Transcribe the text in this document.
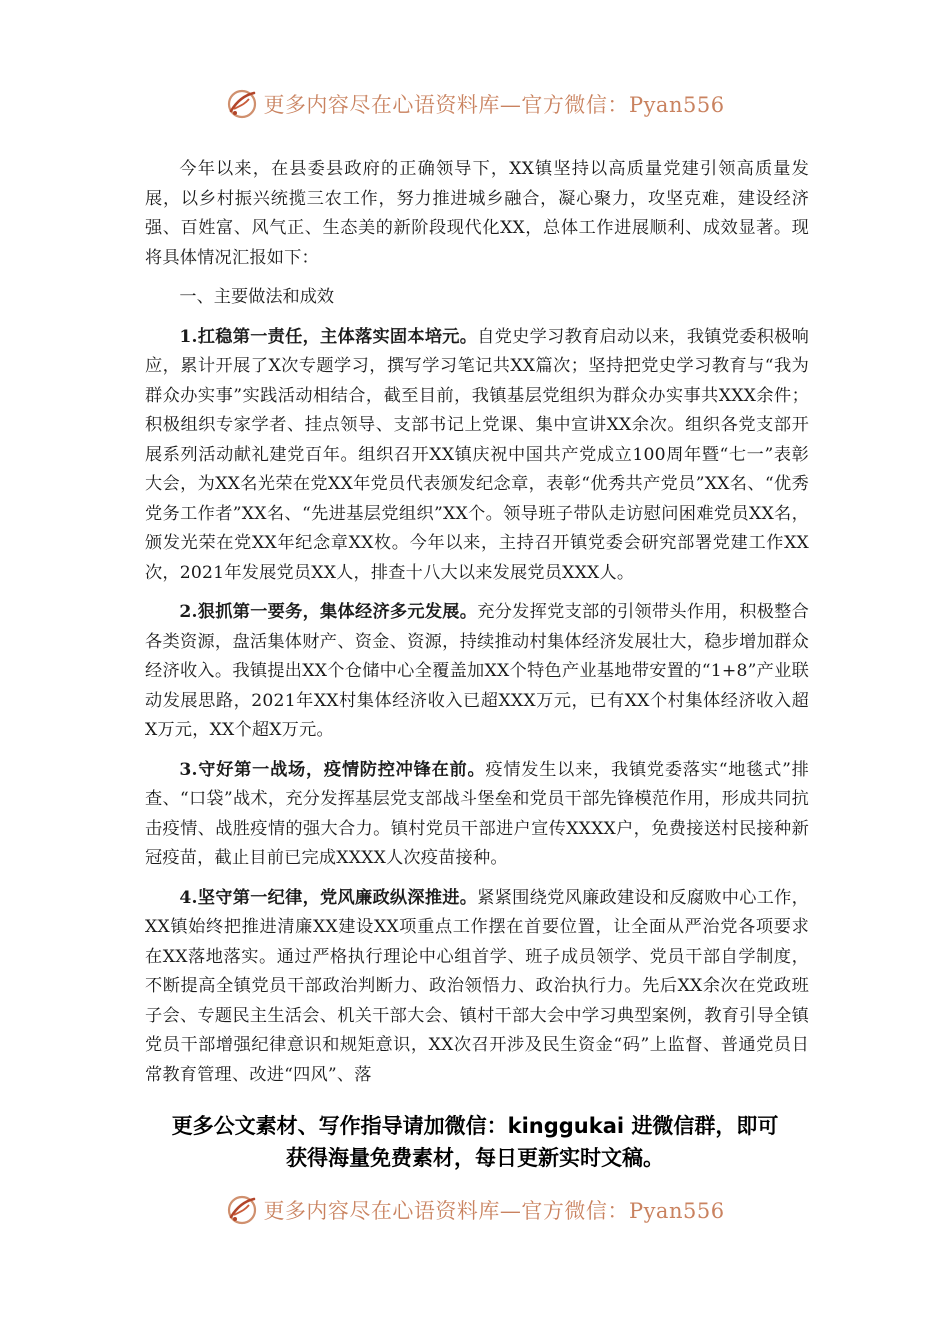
更多内容尽在心语资料库—官方微信：Pyan556

今年以来，在县委县政府的正确领导下，XX镇坚持以高质量党建引领高质量发展，以乡村振兴统揽三农工作，努力推进城乡融合，凝心聚力，攻坚克难，建设经济强、百姓富、风气正、生态美的新阶段现代化XX，总体工作进展顺利、成效显著。现将具体情况汇报如下：

一、主要做法和成效

1.扛稳第一责任，主体落实固本培元。自党史学习教育启动以来，我镇党委积极响应，累计开展了X次专题学习，撰写学习笔记共XX篇次；坚持把党史学习教育与“我为群众办实事”实践活动相结合，截至目前，我镇基层党组织为群众办实事共XXX余件；积极组织专家学者、挂点领导、支部书记上党课、集中宣讲XX余次。组织各党支部开展系列活动献礼建党百年。组织召开XX镇庆祝中国共产党成立100周年暨“七一”表彰大会，为XX名光荣在党XX年党员代表颁发纪念章，表彰“优秀共产党员”XX名、“优秀党务工作者”XX名、“先进基层党组织”XX个。领导班子带队走访慰问困难党员XX名，颁发光荣在党XX年纪念章XX枚。今年以来，主持召开镇党委会研究部署党建工作XX次，2021年发展党员XX人，排查十八大以来发展党员XXX人。

2.狠抓第一要务，集体经济多元发展。充分发挥党支部的引领带头作用，积极整合各类资源，盘活集体财产、资金、资源，持续推动村集体经济发展壮大，稳步增加群众经济收入。我镇提出XX个仓储中心全覆盖加XX个特色产业基地带安置的“1+8”产业联动发展思路，2021年XX村集体经济收入已超XXX万元，已有XX个村集体经济收入超X万元，XX个超X万元。

3.守好第一战场，疫情防控冲锋在前。疫情发生以来，我镇党委落实“地毯式”排查、“口袋”战术，充分发挥基层党支部战斗堡垒和党员干部先锋模范作用，形成共同抗击疫情、战胜疫情的强大合力。镇村党员干部进户宣传XXXX户，免费接送村民接种新冠疫苗，截止目前已完成XXXX人次疫苗接种。

4.坚守第一纪律，党风廉政纵深推进。紧紧围绕党风廉政建设和反腐败中心工作，XX镇始终把推进清廉XX建设XX项重点工作摆在首要位置，让全面从严治党各项要求在XX落地落实。通过严格执行理论中心组首学、班子成员领学、党员干部自学制度，不断提高全镇党员干部政治判断力、政治领悟力、政治执行力。先后XX余次在党政班子会、专题民主生活会、机关干部大会、镇村干部大会中学习典型案例，教育引导全镇党员干部增强纪律意识和规矩意识，XX次召开涉及民生资金“码”上监督、普通党员日常教育管理、改进“四风”、落

更多公文素材、写作指导请加微信：kinggukai 进微信群，即可
获得海量免费素材，每日更新实时文稿。
更多内容尽在心语资料库—官方微信：Pyan556
